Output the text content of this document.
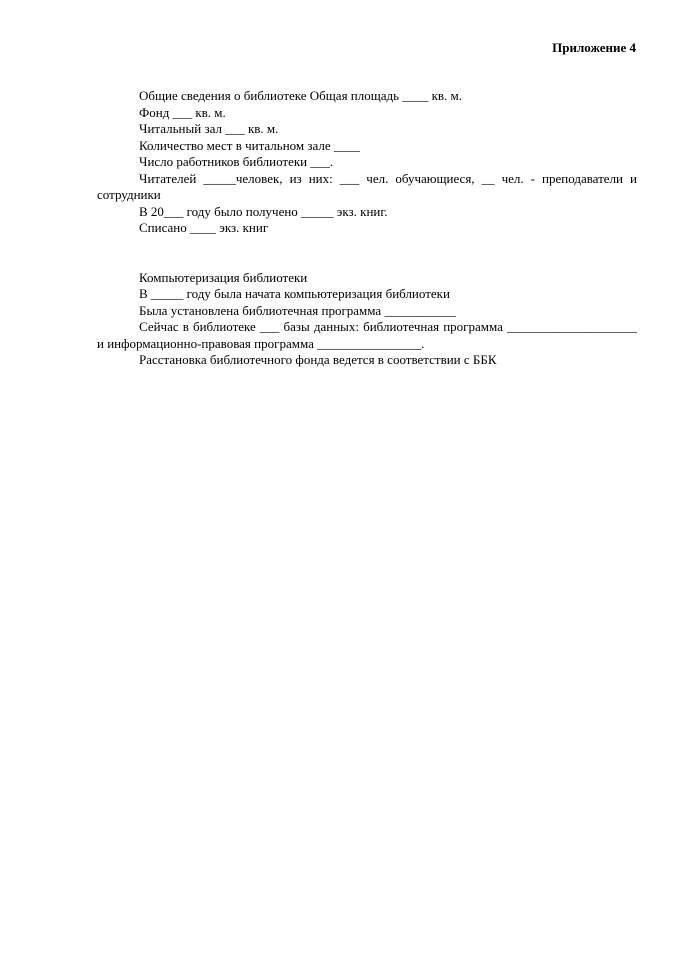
Приложение 4

Общие сведения о библиотеке Общая площадь ____ кв. м.

Фонд ___ кв. м.

Читальный зал ___ кв. м.

Количество мест в читальном зале ____

Число работников библиотеки ___.

Читателей _____человек, из них: ___ чел. обучающиеся, __ чел. - преподаватели и сотрудники

В 20___ году было получено _____ экз. книг.

Списано ____ экз. книг

Компьютеризация библиотеки

В _____ году была начата компьютеризация библиотеки

Была установлена библиотечная программа ___________

Сейчас в библиотеке ___ базы данных: библиотечная программа ____________________ и информационно-правовая программа ________________.

Расстановка библиотечного фонда ведется в соответствии с ББК
